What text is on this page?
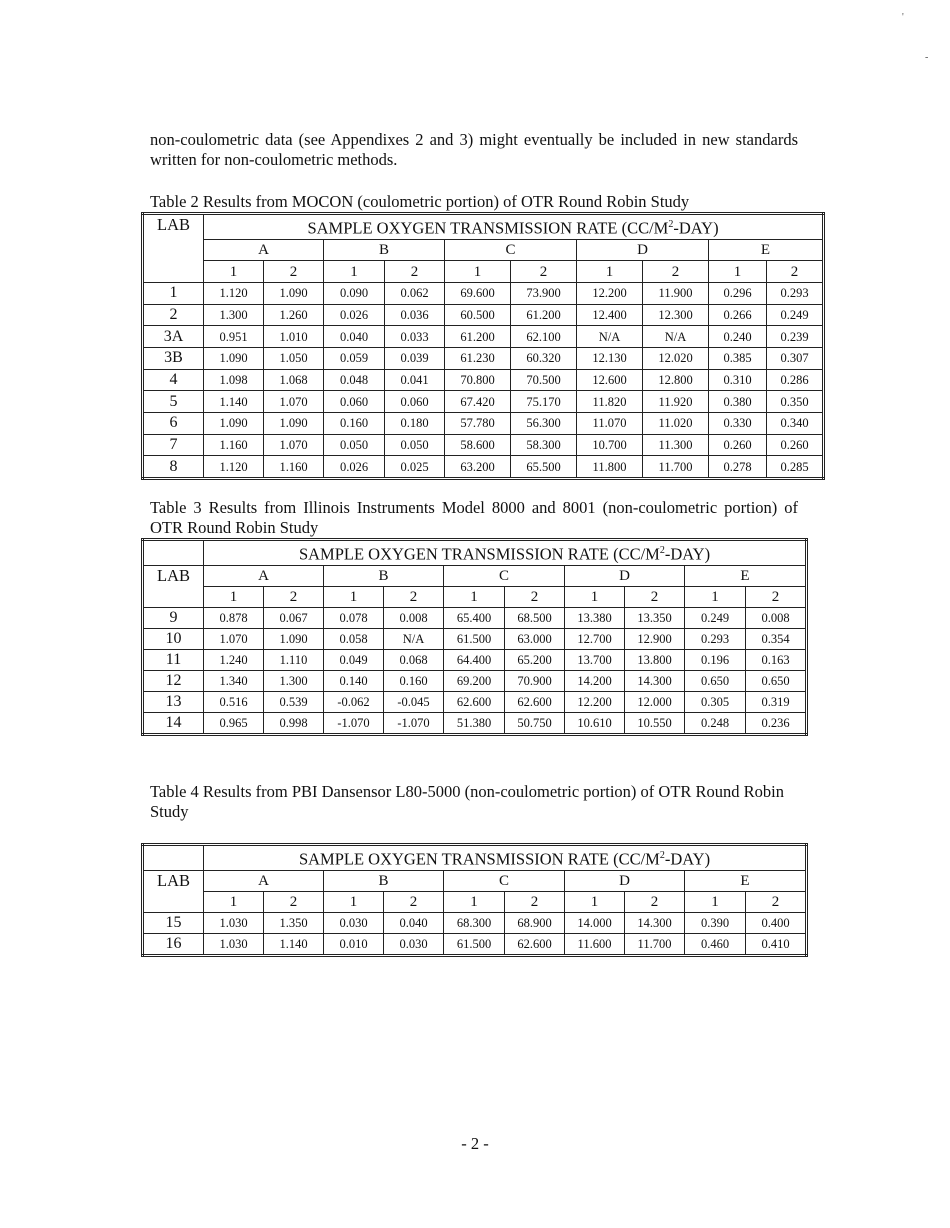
'
-

non-coulometric data (see Appendixes 2 and 3) might eventually be included in new standards written for non-coulometric methods.

Table 2 Results from MOCON (coulometric portion) of OTR Round Robin Study

LAB	SAMPLE OXYGEN TRANSMISSION RATE $(CC/M^2-DAY)$									
	A		B		C		D		E	
	1	2	1	2	1	2	1	2	1	2
1	1.120	1.090	0.090	0.062	69.600	73.900	12.200	11.900	0.296	0.293
2	1.300	1.260	0.026	0.036	60.500	61.200	12.400	12.300	0.266	0.249
3A	0.951	1.010	0.040	0.033	61.200	62.100	N/A	N/A	0.240	0.239
3B	1.090	1.050	0.059	0.039	61.230	60.320	12.130	12.020	0.385	0.307
4	1.098	1.068	0.048	0.041	70.800	70.500	12.600	12.800	0.310	0.286
5	1.140	1.070	0.060	0.060	67.420	75.170	11.820	11.920	0.380	0.350
6	1.090	1.090	0.160	0.180	57.780	56.300	11.070	11.020	0.330	0.340
7	1.160	1.070	0.050	0.050	58.600	58.300	10.700	11.300	0.260	0.260
8	1.120	1.160	0.026	0.025	63.200	65.500	11.800	11.700	0.278	0.285

Table 3 Results from Illinois Instruments Model 8000 and 8001 (non-coulometric portion) of OTR Round Robin Study

	SAMPLE OXYGEN TRANSMISSION RATE $(CC/M^2-DAY)$									
LAB	A		B		C		D		E	
	1	2	1	2	1	2	1	2	1	2
9	0.878	0.067	0.078	0.008	65.400	68.500	13.380	13.350	0.249	0.008
10	1.070	1.090	0.058	N/A	61.500	63.000	12.700	12.900	0.293	0.354
11	1.240	1.110	0.049	0.068	64.400	65.200	13.700	13.800	0.196	0.163
12	1.340	1.300	0.140	0.160	69.200	70.900	14.200	14.300	0.650	0.650
13	0.516	0.539	-0.062	-0.045	62.600	62.600	12.200	12.000	0.305	0.319
14	0.965	0.998	-1.070	-1.070	51.380	50.750	10.610	10.550	0.248	0.236

Table 4 Results from PBI Dansensor L80-5000 (non-coulometric portion) of OTR Round Robin Study

	SAMPLE OXYGEN TRANSMISSION RATE $(CC/M^2-DAY)$									
LAB	A		B		C		D		E	
	1	2	1	2	1	2	1	2	1	2
15	1.030	1.350	0.030	0.040	68.300	68.900	14.000	14.300	0.390	0.400
16	1.030	1.140	0.010	0.030	61.500	62.600	11.600	11.700	0.460	0.410
- 2 -
